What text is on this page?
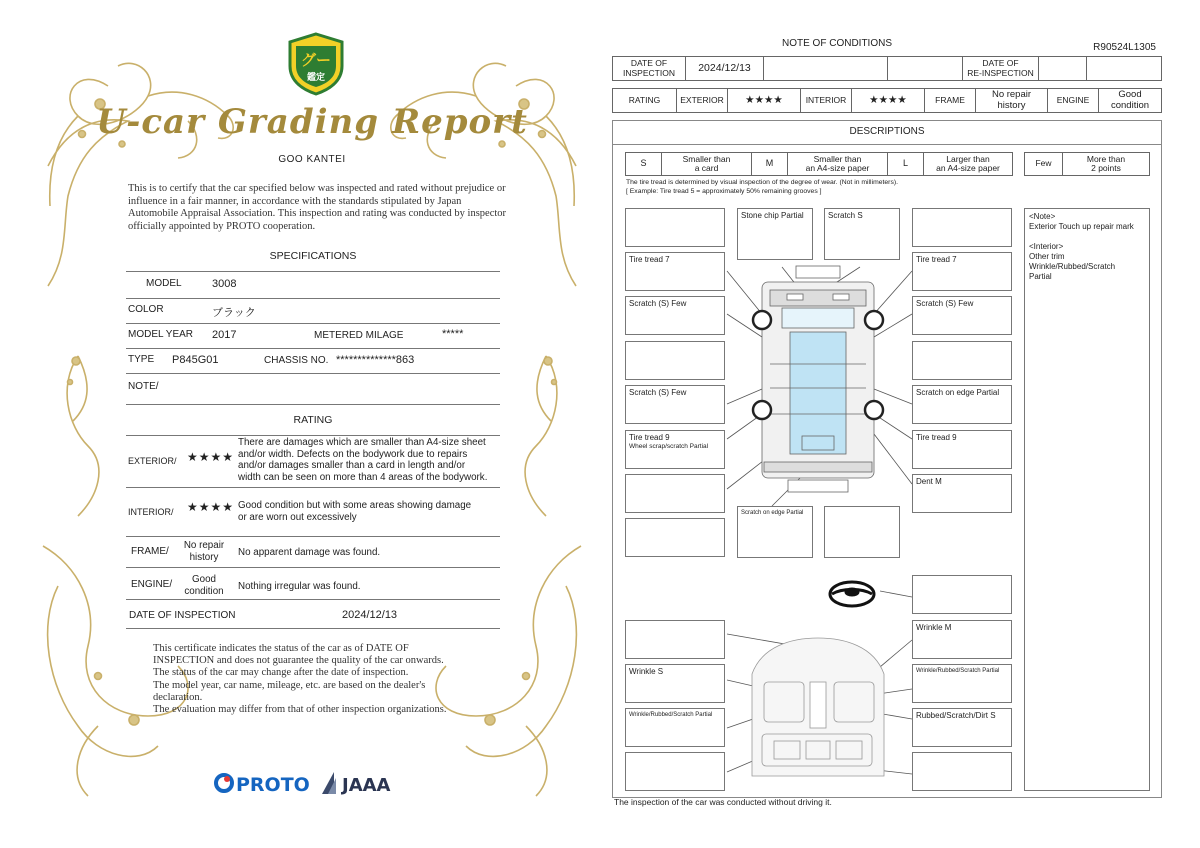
グー
鑑定
U-car Grading Report
GOO KANTEI
This is to certify that the car specified below was inspected and rated without prejudice or influence in a fair manner, in accordance with the standards stipulated by Japan Automobile Appraisal Association. This inspection and rating was conducted by inspector officially appointed by PROTO cooperation.
SPECIFICATIONS
MODEL	3008
COLOR	ブラック
MODEL YEAR 2017	METERED MILAGE	*****
TYPE P845G01	CHASSIS NO. **************863
NOTE/
RATING
EXTERIOR/ ★★★★
There are damages which are smaller than A4-size sheet
and/or width. Defects on the bodywork due to repairs
and/or damages smaller than a card in length and/or
width can be seen on more than 4 areas of the bodywork.
INTERIOR/ ★★★★ Good condition but with some areas showing damage
or are worn out excessively
FRAME/
No repair
history	No apparent damage was found.
ENGINE/	Good
condition	Nothing irregular was found.
DATE OF INSPECTION	2024/12/13
This certificate indicates the status of the car as of DATE OF
INSPECTION and does not guarantee the quality of the car onwards.
The status of the car may change after the date of inspection.
The model year, car name, mileage, etc. are based on the dealer's
declaration.
The evaluation may differ from that of other inspection organizations.
PROTO JAAA
NOTE OF CONDITIONS	R90524L1305
DATE OF
INSPECTION	2024/12/13	DATE OF
RE-INSPECTION
RATING	EXTERIOR	★★★★	INTERIOR	★★★★	FRAME	No repair
history	ENGINE	Good
condition
DESCRIPTIONS
S	Smaller than
a card	M	Smaller than
an A4-size paper	L	Larger than
an A4-size paper	Few	More than
2 points
The tire tread is determined by visual inspection of the degree of wear. (Not in millimeters).
[ Example: Tire tread 5 = approximately 50% remaining grooves ]
Tire tread 7
Scratch (S) Few
Scratch (S) Few
Tire tread 9
Wheel scrap/scratch Partial
Stone chip Partial	Scratch S
Scratch on edge Partial
Tire tread 7
Scratch (S) Few
Scratch on edge Partial
Tire tread 9
Dent M
Wrinkle M
Wrinkle S	Wrinkle/Rubbed/Scratch Partial
Wrinkle/Rubbed/Scratch Partial	Rubbed/Scratch/Dirt S
<Note>
Exterior Touch up repair mark
<Interior>
Other trim
Wrinkle/Rubbed/Scratch
Partial
The inspection of the car was conducted without driving it.
